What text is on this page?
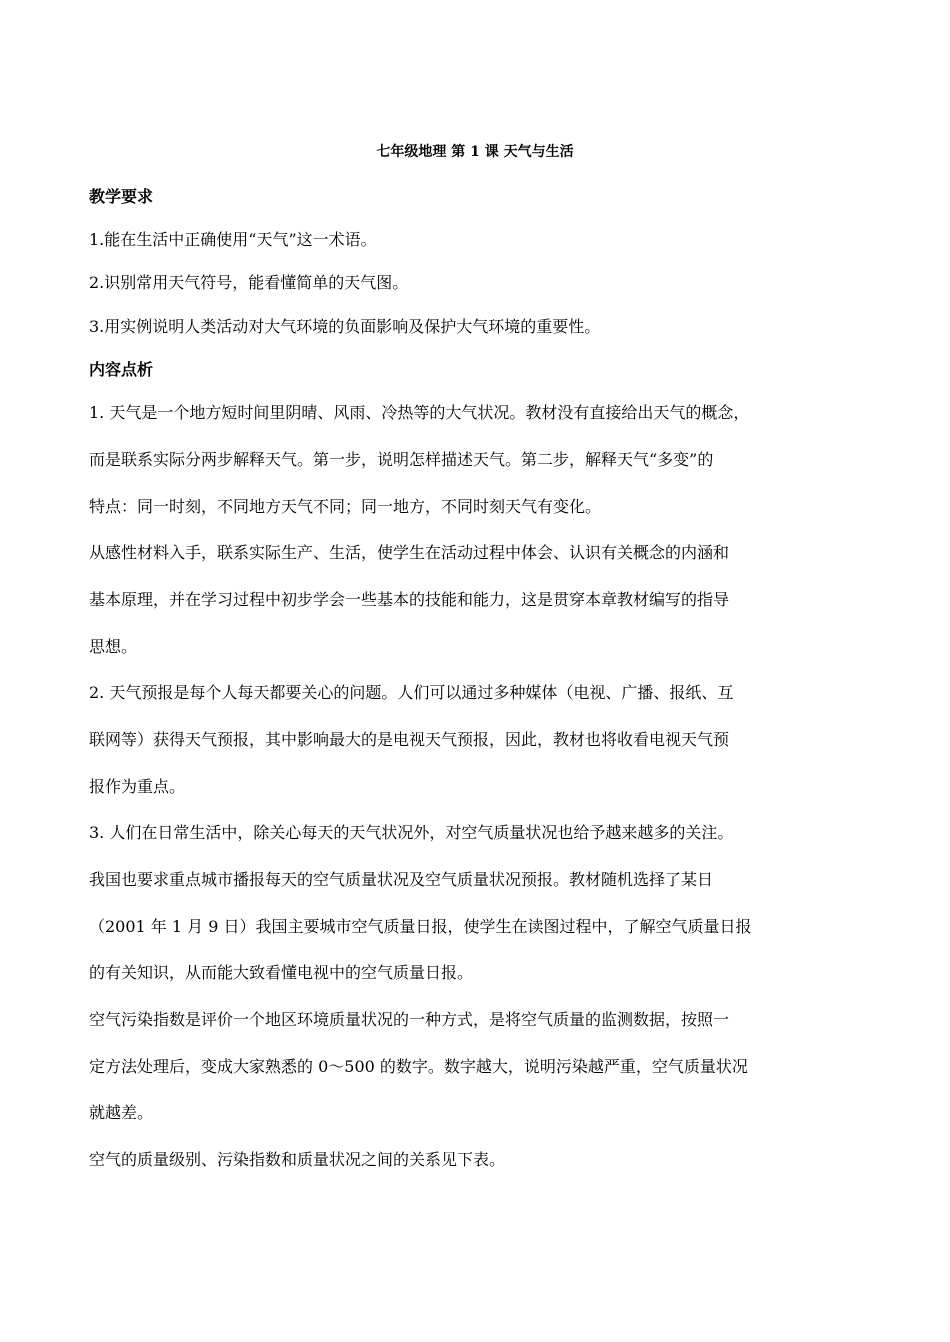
七年级地理 第 1 课 天气与生活
教学要求
1.能在生活中正确使用“天气”这一术语。
2.识别常用天气符号，能看懂简单的天气图。
3.用实例说明人类活动对大气环境的负面影响及保护大气环境的重要性。
内容点析
1. 天气是一个地方短时间里阴晴、风雨、冷热等的大气状况。教材没有直接给出天气的概念，
而是联系实际分两步解释天气。第一步，说明怎样描述天气。第二步，解释天气“多变”的
特点：同一时刻，不同地方天气不同；同一地方，不同时刻天气有变化。
从感性材料入手，联系实际生产、生活，使学生在活动过程中体会、认识有关概念的内涵和
基本原理，并在学习过程中初步学会一些基本的技能和能力，这是贯穿本章教材编写的指导
思想。
2. 天气预报是每个人每天都要关心的问题。人们可以通过多种媒体（电视、广播、报纸、互
联网等）获得天气预报，其中影响最大的是电视天气预报，因此，教材也将收看电视天气预
报作为重点。
3. 人们在日常生活中，除关心每天的天气状况外，对空气质量状况也给予越来越多的关注。
我国也要求重点城市播报每天的空气质量状况及空气质量状况预报。教材随机选择了某日
（2001 年 1 月 9 日）我国主要城市空气质量日报，使学生在读图过程中，了解空气质量日报
的有关知识，从而能大致看懂电视中的空气质量日报。
空气污染指数是评价一个地区环境质量状况的一种方式，是将空气质量的监测数据，按照一
定方法处理后，变成大家熟悉的 0～500 的数字。数字越大，说明污染越严重，空气质量状况
就越差。
空气的质量级别、污染指数和质量状况之间的关系见下表。
